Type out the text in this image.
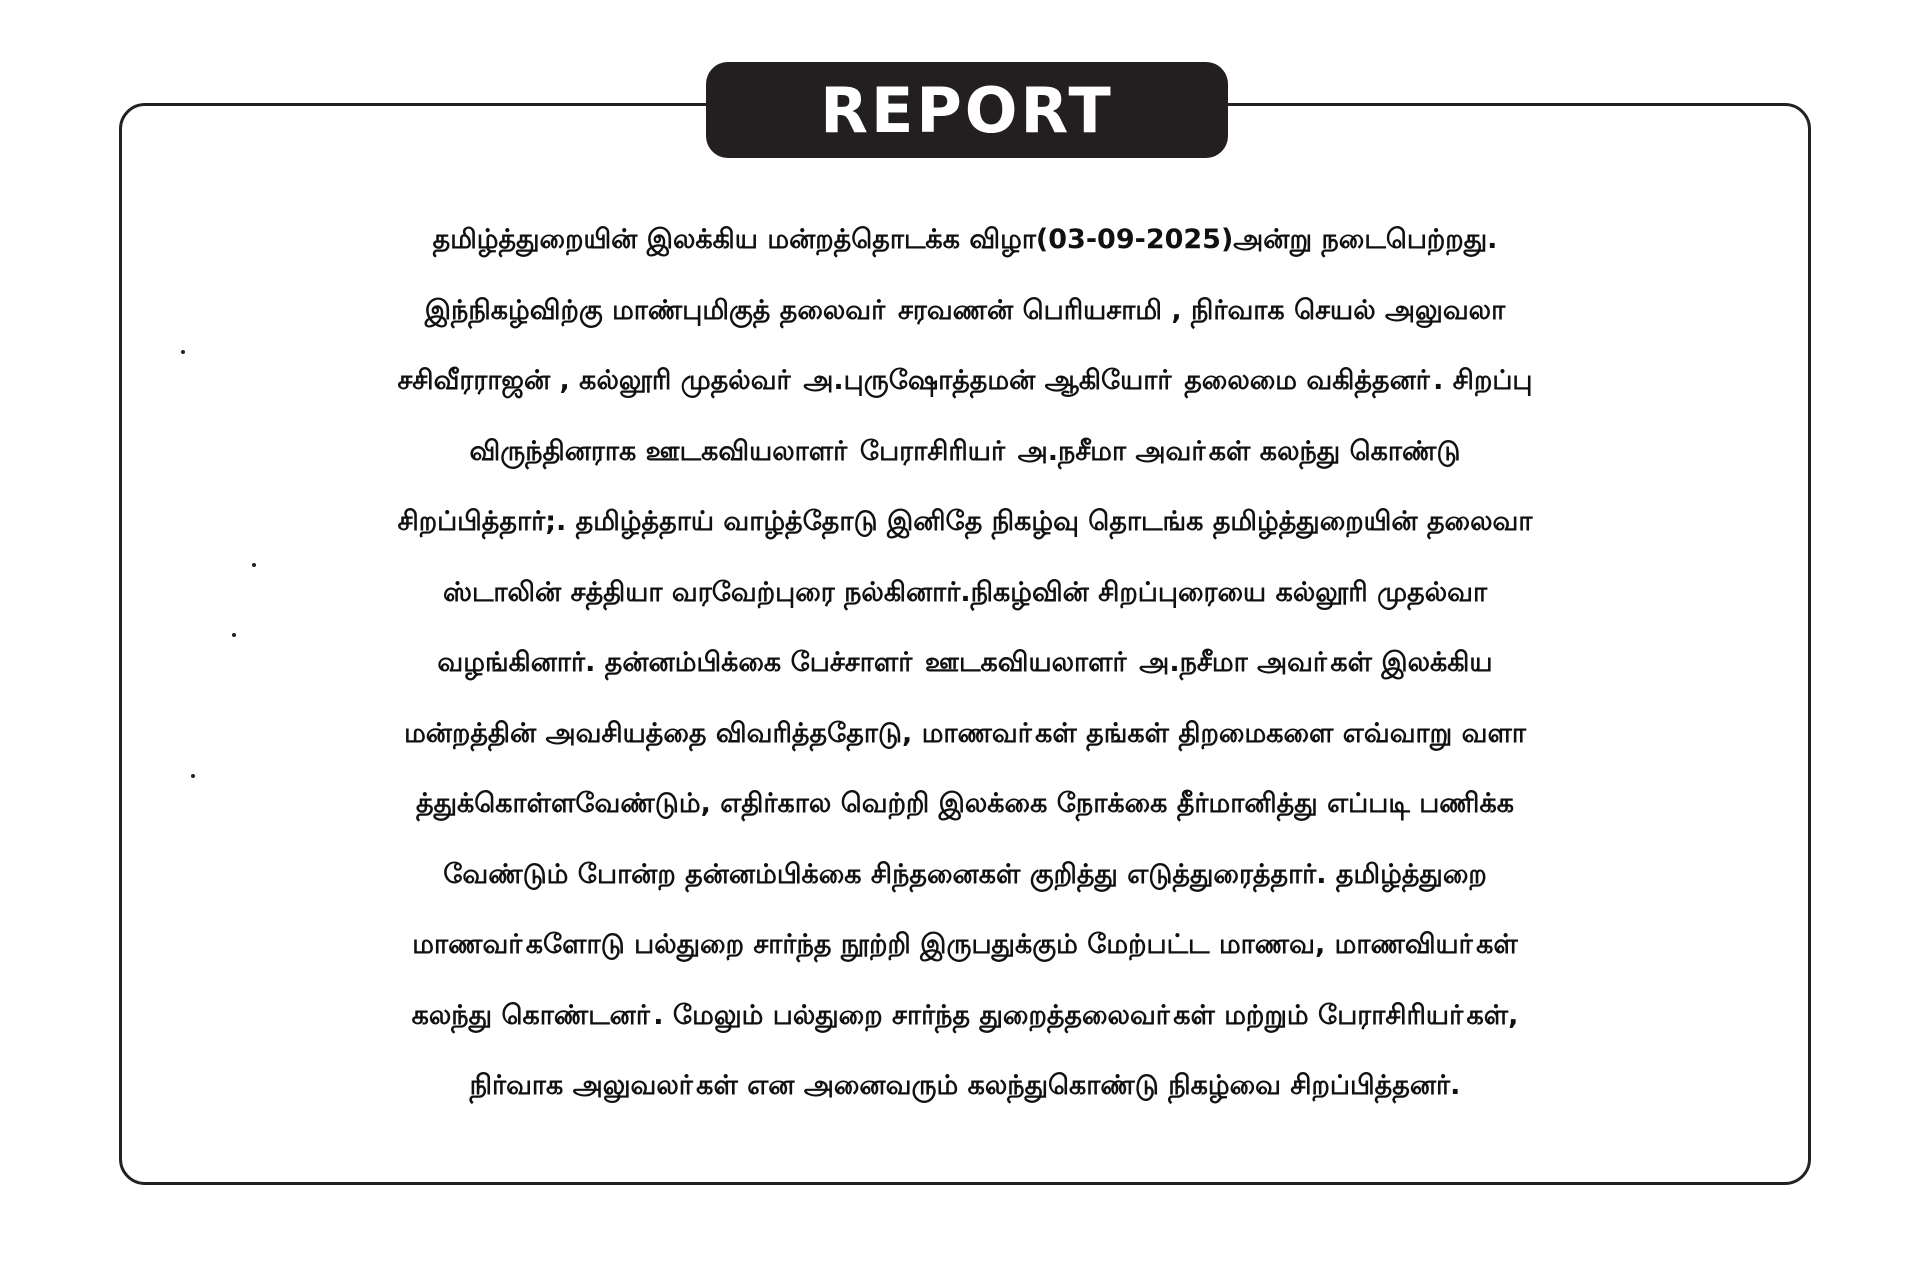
REPORT
தமிழ்த்துறையின் இலக்கிய மன்றத்தொடக்க விழா(03-09-2025)அன்று நடைபெற்றது.
இந்நிகழ்விற்கு மாண்புமிகுத் தலைவா் சரவணன் பெரியசாமி , நிர்வாக செயல் அலுவலா
சசிவீரராஜன் , கல்லூரி முதல்வா் அ.புருஷோத்தமன் ஆகியோா் தலைமை வகித்தனா். சிறப்பு
விருந்தினராக ஊடகவியலாளா் பேராசிரியா் அ.நசீமா அவா்கள் கலந்து கொண்டு
சிறப்பித்தார்;. தமிழ்த்தாய் வாழ்த்தோடு இனிதே நிகழ்வு தொடங்க தமிழ்த்துறையின் தலைவா
ஸ்டாலின் சத்தியா வரவேற்புரை நல்கினார்.நிகழ்வின் சிறப்புரையை கல்லூரி முதல்வா
வழங்கினார். தன்னம்பிக்கை பேச்சாளா் ஊடகவியலாளா் அ.நசீமா அவா்கள் இலக்கிய
மன்றத்தின் அவசியத்தை விவரித்ததோடு, மாணவா்கள் தங்கள் திறமைகளை எவ்வாறு வளா
த்துக்கொள்ளவேண்டும், எதிர்கால வெற்றி இலக்கை நோக்கை தீர்மானித்து எப்படி பணிக்க
வேண்டும் போன்ற தன்னம்பிக்கை சிந்தனைகள் குறித்து எடுத்துரைத்தார். தமிழ்த்துறை
மாணவா்களோடு பல்துறை சார்ந்த நூற்றி இருபதுக்கும் மேற்பட்ட மாணவ, மாணவியா்கள்
கலந்து கொண்டனா். மேலும் பல்துறை சார்ந்த துறைத்தலைவா்கள் மற்றும் பேராசிரியா்கள்,
நிர்வாக அலுவலா்கள் என அனைவரும் கலந்துகொண்டு நிகழ்வை சிறப்பித்தனர்.
